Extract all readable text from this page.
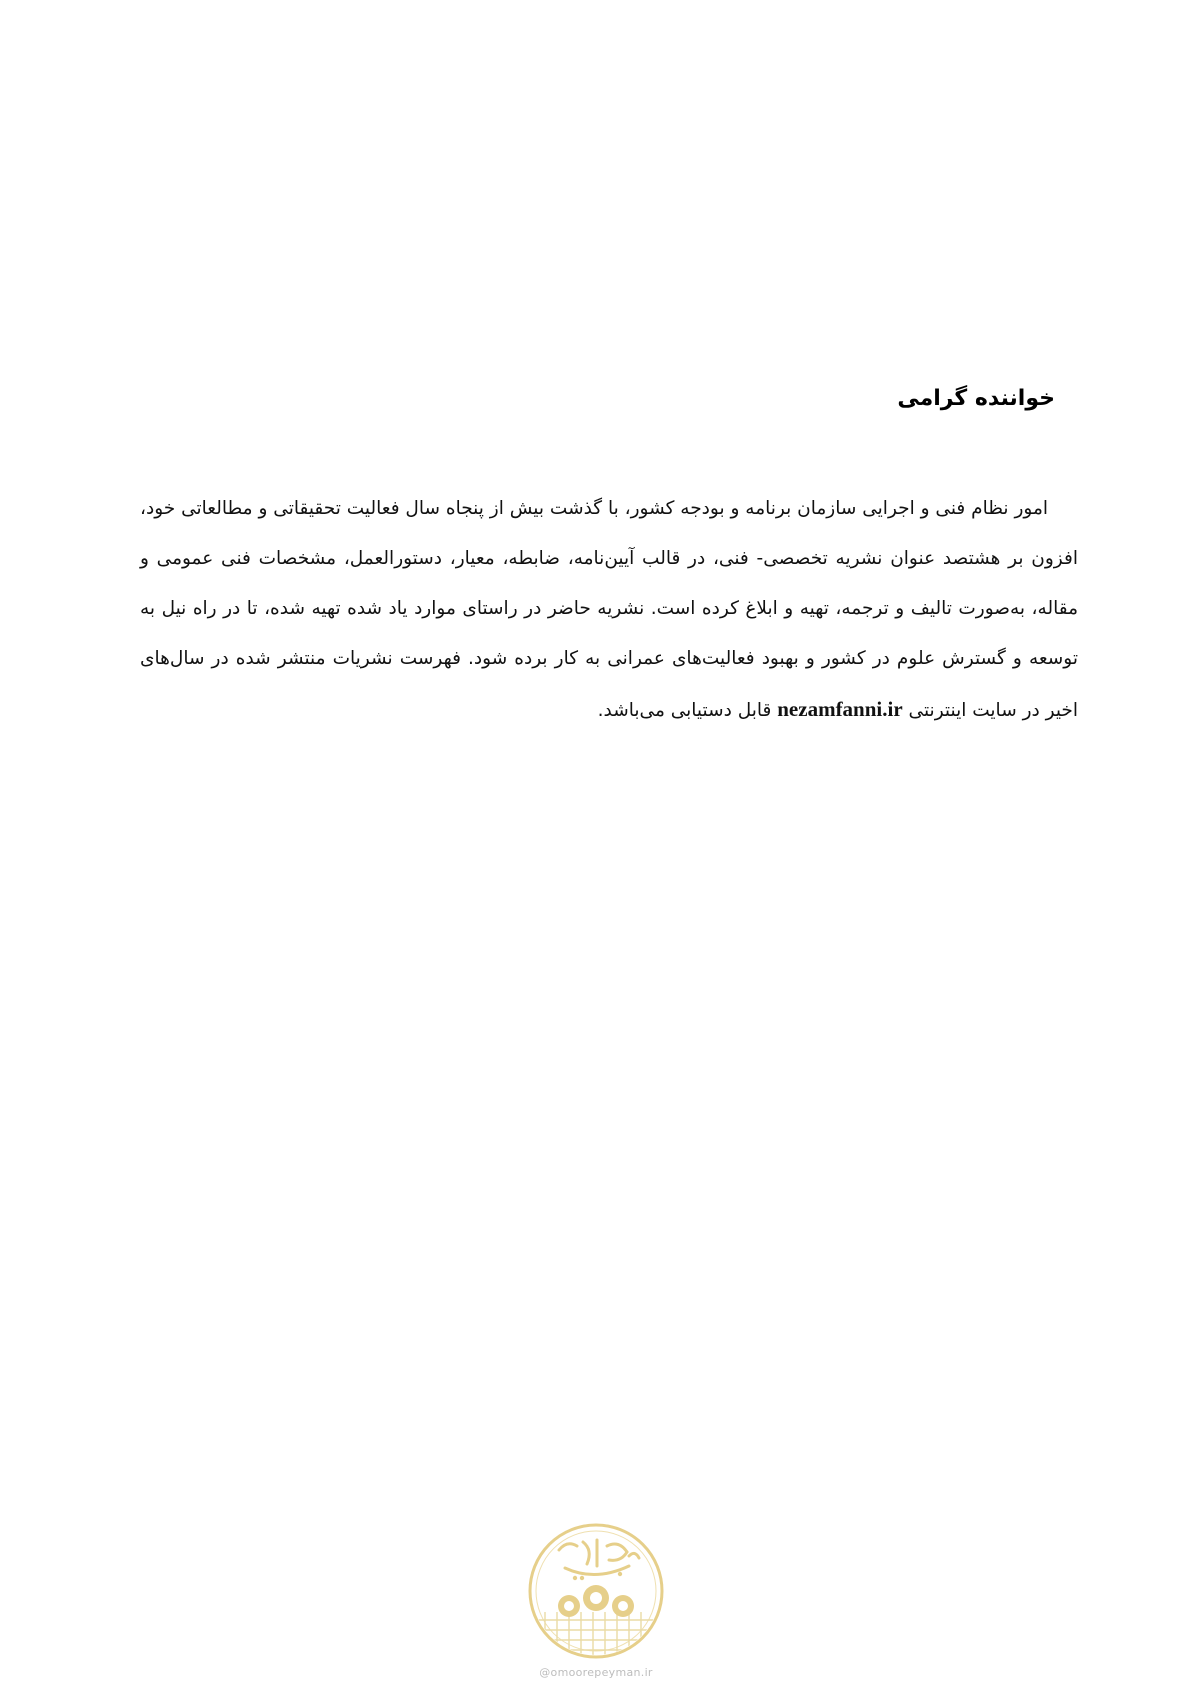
خواننده گرامی
امور نظام فنی و اجرایی سازمان برنامه و بودجه کشور، با گذشت بیش از پنجاه سال فعالیت تحقیقاتی و مطالعاتی خود، افزون بر هشتصد عنوان نشریه تخصصی- فنی، در قالب آیین‌نامه، ضابطه، معیار، دستورالعمل، مشخصات فنی عمومی و مقاله، به‌صورت تالیف و ترجمه، تهیه و ابلاغ کرده است. نشریه حاضر در راستای موارد یاد شده تهیه شده، تا در راه نیل به توسعه و گسترش علوم در کشور و بهبود فعالیت‌های عمرانی به کار برده شود. فهرست نشریات منتشر شده در سال‌های اخیر در سایت اینترنتی nezamfanni.ir قابل دستیابی می‌باشد.
@omoorepeyman.ir
